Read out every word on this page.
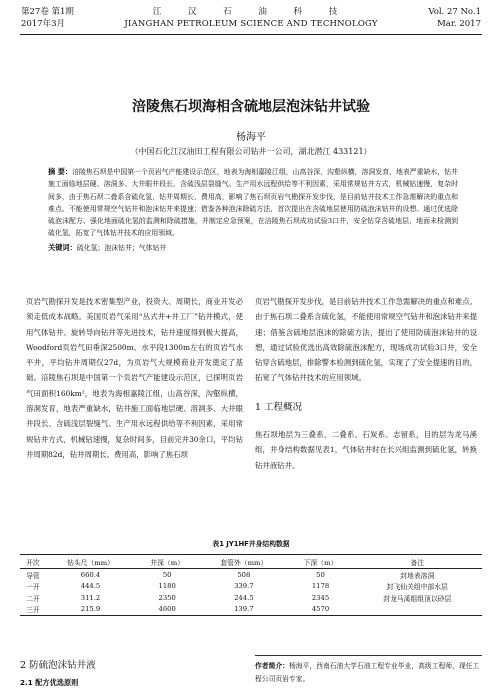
第27卷 第1期
2017年3月
江 汉 石 油 科 技
JIANGHAN PETROLEUM SCIENCE AND TECHNOLOGY
Vol. 27 No.1
Mar. 2017
涪陵焦石坝海相含硫地层泡沫钻井试验
杨海平
（中国石化江汉油田工程有限公司钻井一公司，湖北潜江 433121）
摘 要：涪陵焦石坝是中国第一个页岩气产能建设示范区，地表为海相嘉陵江组，山高谷深，沟壑纵横，溶洞发育，地表严重缺水，钻井施工面临地层硬、溶洞多、大井眼井段长、含硫浅层裂缝气、生产用水远程供给等不利因素，采用常规钻井方式，机械钻速慢，复杂时间多，由于焦石坝二叠系含硫化氢，钻井周期长、费用高，影响了焦石坝页岩气勘探开发步伐，是目前钻井技术工作急需解决的重点和难点。不能使用常规空气钻井和泡沫钻井来提速；借鉴各种泡沫除硫方法，首次提出在含硫地层使用防硫泡沫钻井的设想。通过优选除硫泡沫配方、强化地面硫化氢的监测和除硫措施，并制定应急预案，在涪陵焦石坝成功试验3口井，安全钻穿含硫地层，地面未检测到硫化氢，拓宽了气体钻井技术的应用领域。
关键词：硫化氢；泡沫钻井；气体钻井
页岩气勘探开发是技术密集型产业，投资大、周期长，商业开发必须走低成本战略。美国页岩气采用“丛式井+井工厂”钻井模式，使用气体钻井、旋转导向钻井等先进技术，钻井速度得到极大提高，Woodford页岩气田垂深2500m、水平段1300m左右的页岩气水平井，平均钻井周期仅27d，为页岩气大规模商业开发奠定了基础。涪陵焦石坝是中国第一个页岩气产能建设示范区，已探明页岩气田面积160km²，地表为海相嘉陵江组，山高谷深，沟壑纵横，溶洞发育，地表严重缺水，钻井施工面临地层硬、溶洞多、大井眼井段长、含硫浅层裂缝气、生产用水远程供给等不利因素，采用常规钻井方式，机械钻速慢，复杂时间多，目前完井30余口，平均钻井周期82d，钻井周期长、费用高，影响了焦石坝
页岩气勘探开发步伐，是目前钻井技术工作急需解决的重点和难点。由于焦石坝二叠系含硫化氢，不能使用常规空气钻井和泡沫钻井来提速；借鉴含硫地层泡沫的除硫方法，提出了使用防硫泡沫钻井的设想，通过试验优选出高效除硫泡沫配方，现场成功试验3口井，安全钻穿含硫地层，排除警本检测到硫化氢，实现了了安全提速的目的，拓宽了气体钻井技术的应用领域。
1 工程概况
焦石坝地层为三叠系、二叠系、石炭系、志留系，目的层为龙马溪组，井身结构数据见表1，气体钻井时在长兴组监测到硫化氢，转换钻井液钻井。
表1 JY1HF井身结构数据
开次	钻头尺（mm）	井深（m）	套管外（mm）	下深（m）	备注
导管	660.4	50	508	50	封地表溶洞
一开	444.5	1180	339.7	1178	封飞仙关组中部水层
二开	311.2	2350	244.5	2345	封龙马溪组组顶以砂层
三开	215.9	4600	139.7	4570	
2 防硫泡沫钻井液
2.1 配方优选原则
作者简介：杨海平，西南石油大学石油工程专业毕业，高级工程师，现任工程公司页岩专家。
